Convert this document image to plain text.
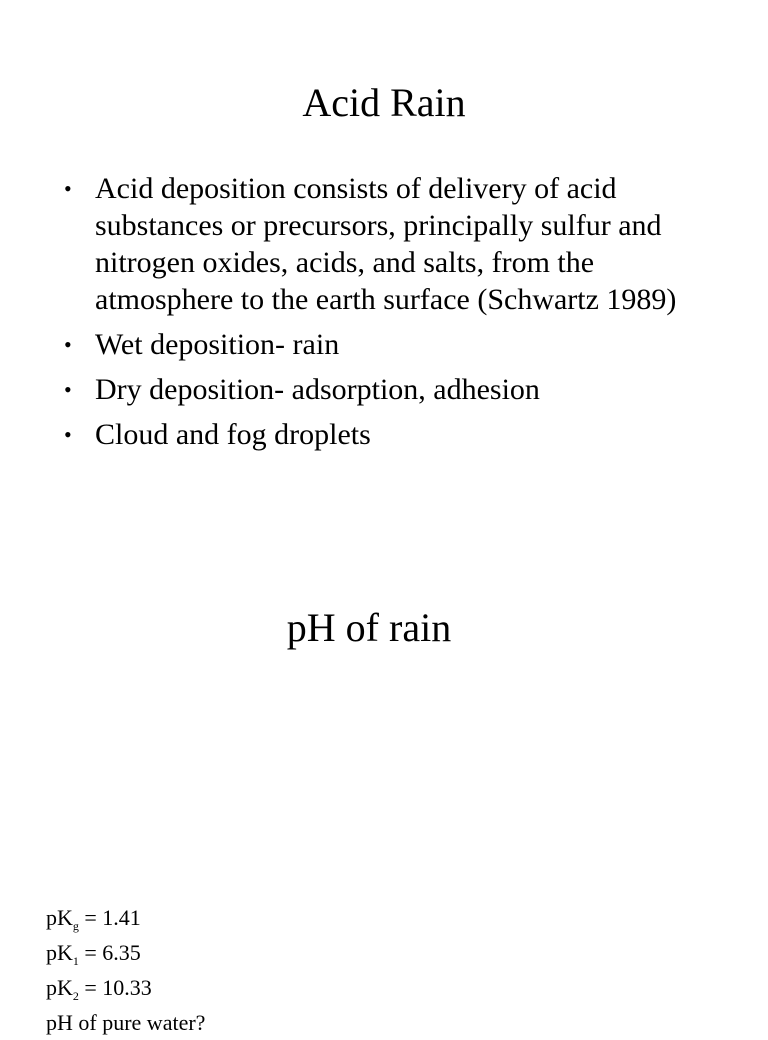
Acid Rain
• Acid deposition consists of delivery of acid substances or precursors, principally sulfur and nitrogen oxides, acids, and salts, from the atmosphere to the earth surface (Schwartz 1989)
• Wet deposition- rain
• Dry deposition- adsorption, adhesion
• Cloud and fog droplets
pH of rain
$pK_g = 1.41$
$pK_1 = 6.35$
$pK_2 = 10.33$
pH of pure water?
